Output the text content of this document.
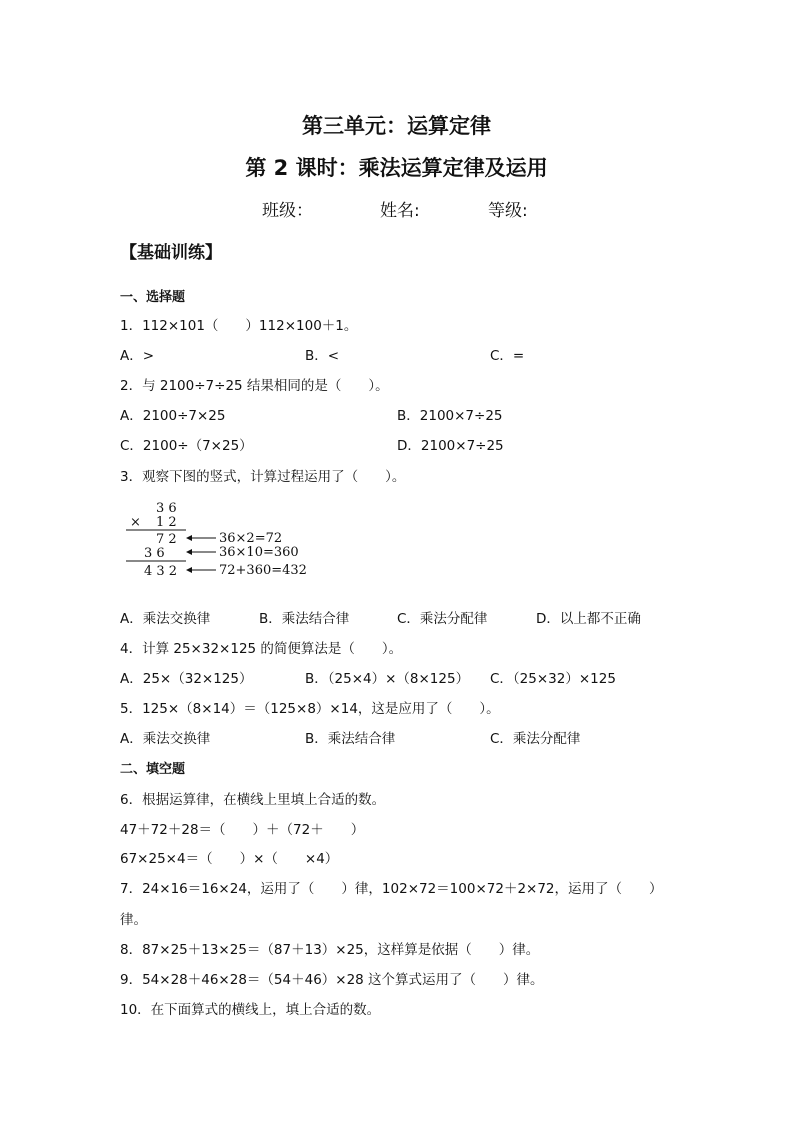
第三单元：运算定律
第 2 课时：乘法运算定律及运用
班级：	姓名:	等级:
【基础训练】
一、选择题
1．112×101（　　）112×100＋1。
A．>	B．<	C．=
2．与 2100÷7÷25 结果相同的是（　　）。
A．2100÷7×25	B．2100×7÷25
C．2100÷（7×25）	D．2100×7÷25
3．观察下图的竖式，计算过程运用了（　　）。
3 6
× 1 2
7 2
3 6
4 3 2
36×2=72
36×10=360
72+360=432
A．乘法交换律	B．乘法结合律	C．乘法分配律	D．以上都不正确
4．计算 25×32×125 的简便算法是（　　）。
A．25×（32×125）	B．（25×4）×（8×125） C．（25×32）×125
5．125×（8×14）＝（125×8）×14，这是应用了（　　）。
A．乘法交换律	B．乘法结合律	C．乘法分配律
二、填空题
6．根据运算律，在横线上里填上合适的数。
47＋72＋28＝（　　）＋（72＋　　）
67×25×4＝（　　）×（　　×4）
7．24×16＝16×24，运用了（　　）律，102×72＝100×72＋2×72，运用了（　　）
律。
8．87×25＋13×25＝（87＋13）×25，这样算是依据（　　）律。
9．54×28＋46×28＝（54＋46）×28 这个算式运用了（　　）律。
10．在下面算式的横线上，填上合适的数。
